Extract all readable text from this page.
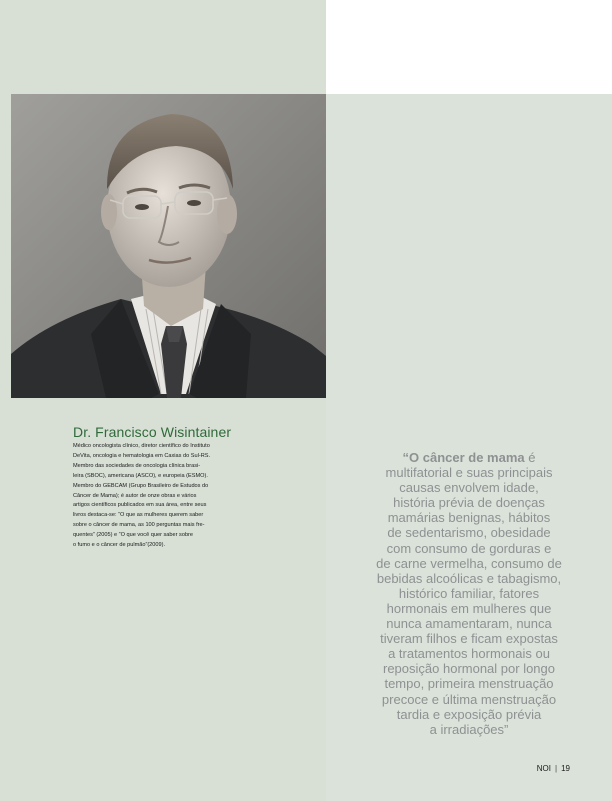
Dr. Francisco Wisintainer
Médico oncologista clínico, diretor científico do Instituto
DeVita, oncologia e hematologia em Caxias do Sul-RS.
Membro das sociedades de oncologia clínica brasi-
leira (SBOC), americana (ASCO), e europeia (ESMO).
Membro do GEBCAM (Grupo Brasileiro de Estudos do
Câncer de Mama); é autor de onze obras e vários
artigos científicos publicados em sua área, entre seus
livros destaca-se: “O que as mulheres querem saber
sobre o câncer de mama, as 100 perguntas mais fre-
quentes” (2005) e “O que você quer saber sobre
o fumo e o câncer de pulmão”(2009).
“O câncer de mama é
multifatorial e suas principais
causas envolvem idade,
história prévia de doenças
mamárias benignas, hábitos
de sedentarismo, obesidade
com consumo de gorduras e
de carne vermelha, consumo de
bebidas alcoólicas e tabagismo,
histórico familiar, fatores
hormonais em mulheres que
nunca amamentaram, nunca
tiveram filhos e ficam expostas
a tratamentos hormonais ou
reposição hormonal por longo
tempo, primeira menstruação
precoce e última menstruação
tardia e exposição prévia
a irradiações”
NOI | 19
